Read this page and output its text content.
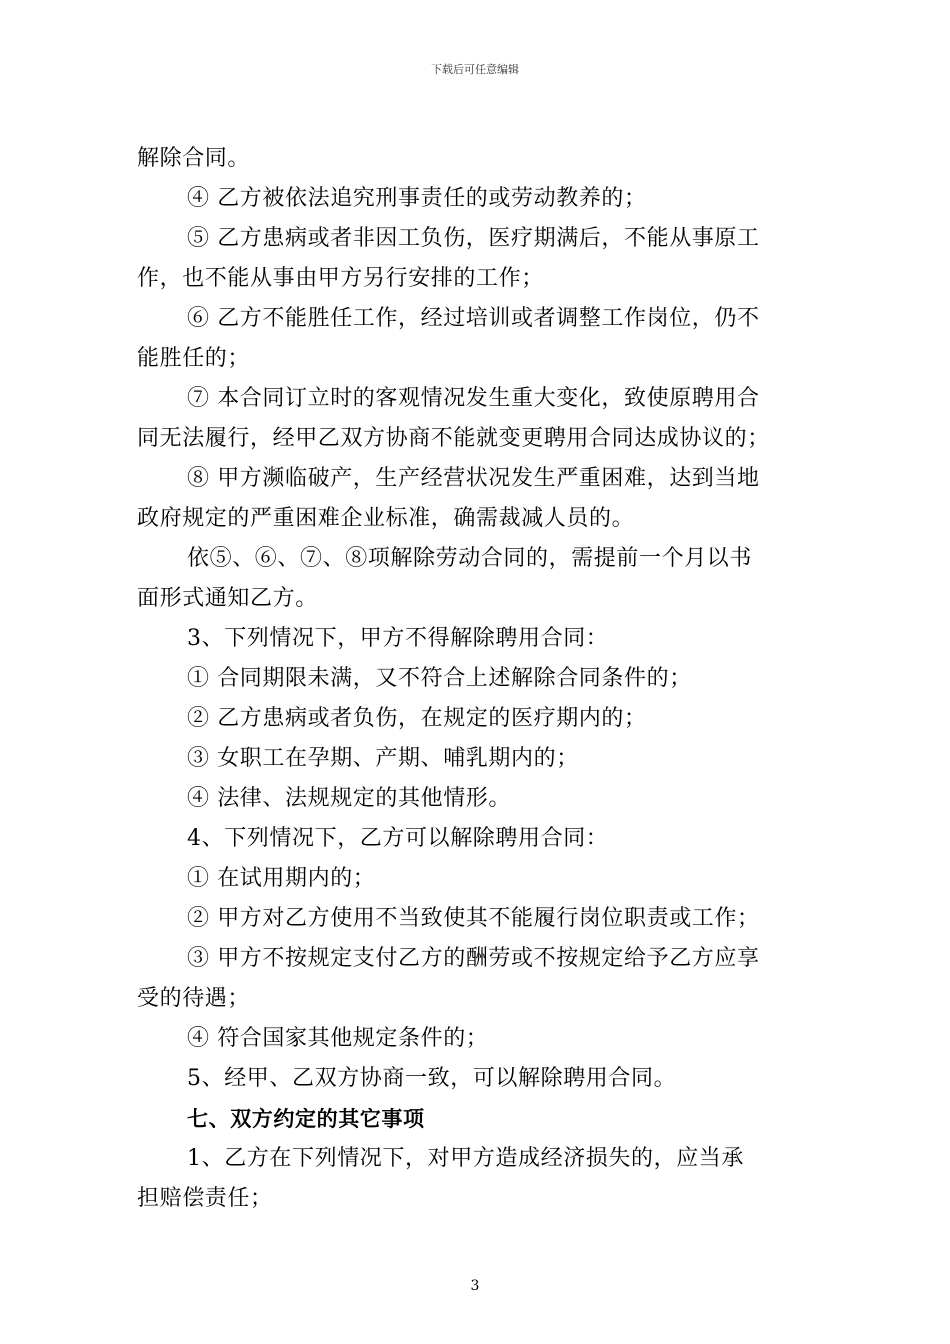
下载后可任意编辑
解除合同。
④ 乙方被依法追究刑事责任的或劳动教养的；
⑤ 乙方患病或者非因工负伤，医疗期满后，不能从事原工
作，也不能从事由甲方另行安排的工作；
⑥ 乙方不能胜任工作，经过培训或者调整工作岗位，仍不
能胜任的；
⑦ 本合同订立时的客观情况发生重大变化，致使原聘用合
同无法履行，经甲乙双方协商不能就变更聘用合同达成协议的；
⑧ 甲方濒临破产，生产经营状况发生严重困难，达到当地
政府规定的严重困难企业标准，确需裁减人员的。
依⑤、⑥、⑦、⑧项解除劳动合同的，需提前一个月以书
面形式通知乙方。
3、下列情况下，甲方不得解除聘用合同：
① 合同期限未满，又不符合上述解除合同条件的；
② 乙方患病或者负伤，在规定的医疗期内的；
③ 女职工在孕期、产期、哺乳期内的；
④ 法律、法规规定的其他情形。
4、下列情况下，乙方可以解除聘用合同：
① 在试用期内的；
② 甲方对乙方使用不当致使其不能履行岗位职责或工作；
③ 甲方不按规定支付乙方的酬劳或不按规定给予乙方应享
受的待遇；
④ 符合国家其他规定条件的；
5、经甲、乙双方协商一致，可以解除聘用合同。
七、双方约定的其它事项
1、乙方在下列情况下，对甲方造成经济损失的，应当承
担赔偿责任；
3
